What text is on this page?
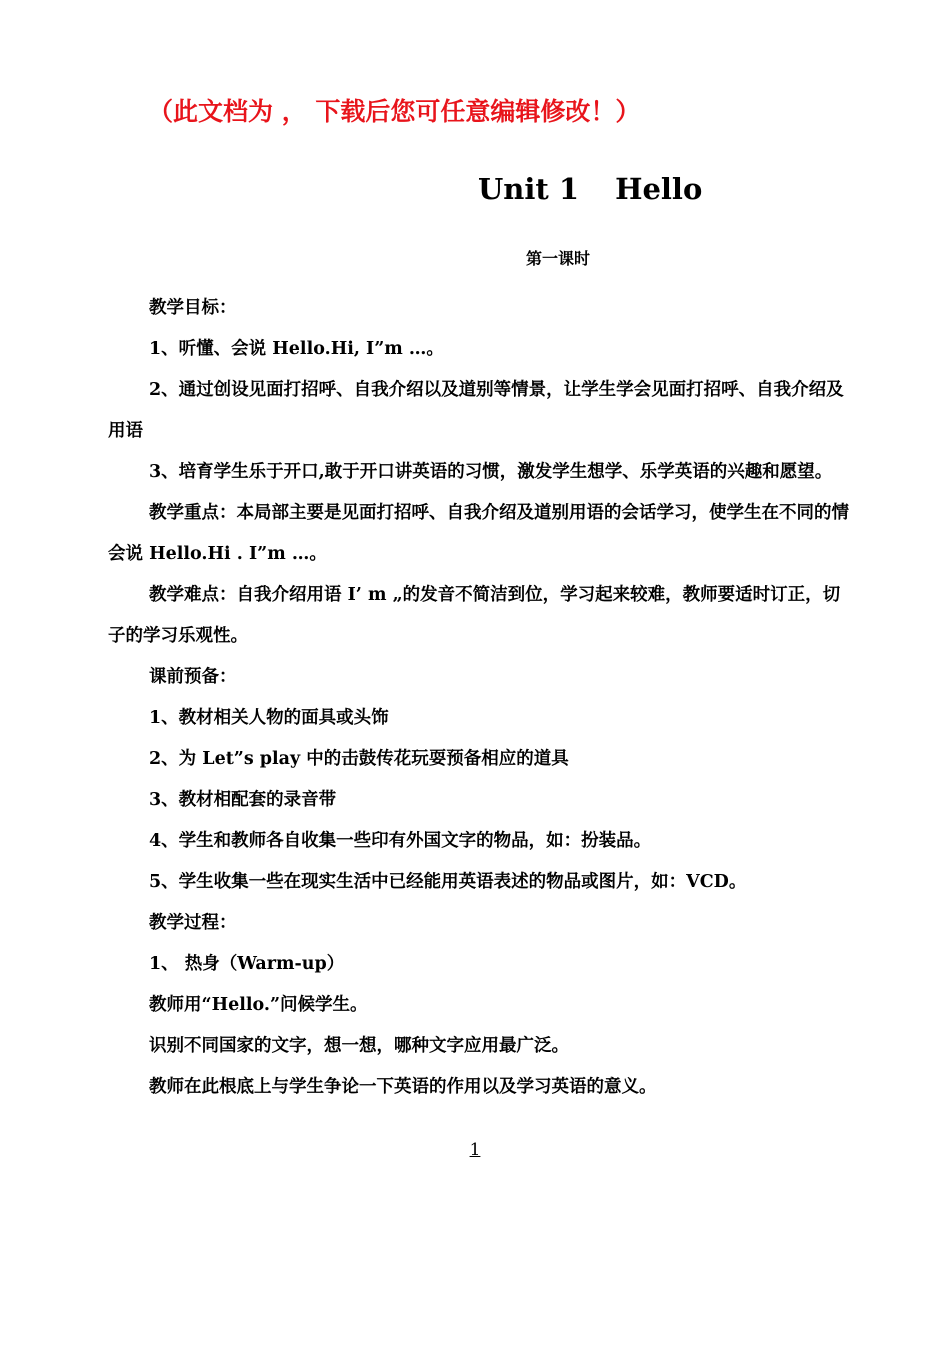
（此文档为 ， 下载后您可任意编辑修改！）
Unit 1 Hello
第一课时

教学目标：

1、听懂、会说 Hello.Hi, I”m …。

2、通过创设见面打招呼、自我介绍以及道别等情景，让学生学会见面打招呼、自我介绍及

用语

3、培育学生乐于开口,敢于开口讲英语的习惯，激发学生想学、乐学英语的兴趣和愿望。

教学重点：本局部主要是见面打招呼、自我介绍及道别用语的会话学习，使学生在不同的情

会说 Hello.Hi . I”m …。

教学难点：自我介绍用语 I’ m „的发音不简洁到位，学习起来较难，教师要适时订正，切

子的学习乐观性。

课前预备：

1、教材相关人物的面具或头饰

2、为 Let”s play 中的击鼓传花玩耍预备相应的道具

3、教材相配套的录音带

4、学生和教师各自收集一些印有外国文字的物品，如：扮装品。

5、学生收集一些在现实生活中已经能用英语表述的物品或图片，如：VCD。

教学过程：

1、 热身（Warm-up）

教师用“Hello.”问候学生。

识别不同国家的文字，想一想，哪种文字应用最广泛。

教师在此根底上与学生争论一下英语的作用以及学习英语的意义。

1
